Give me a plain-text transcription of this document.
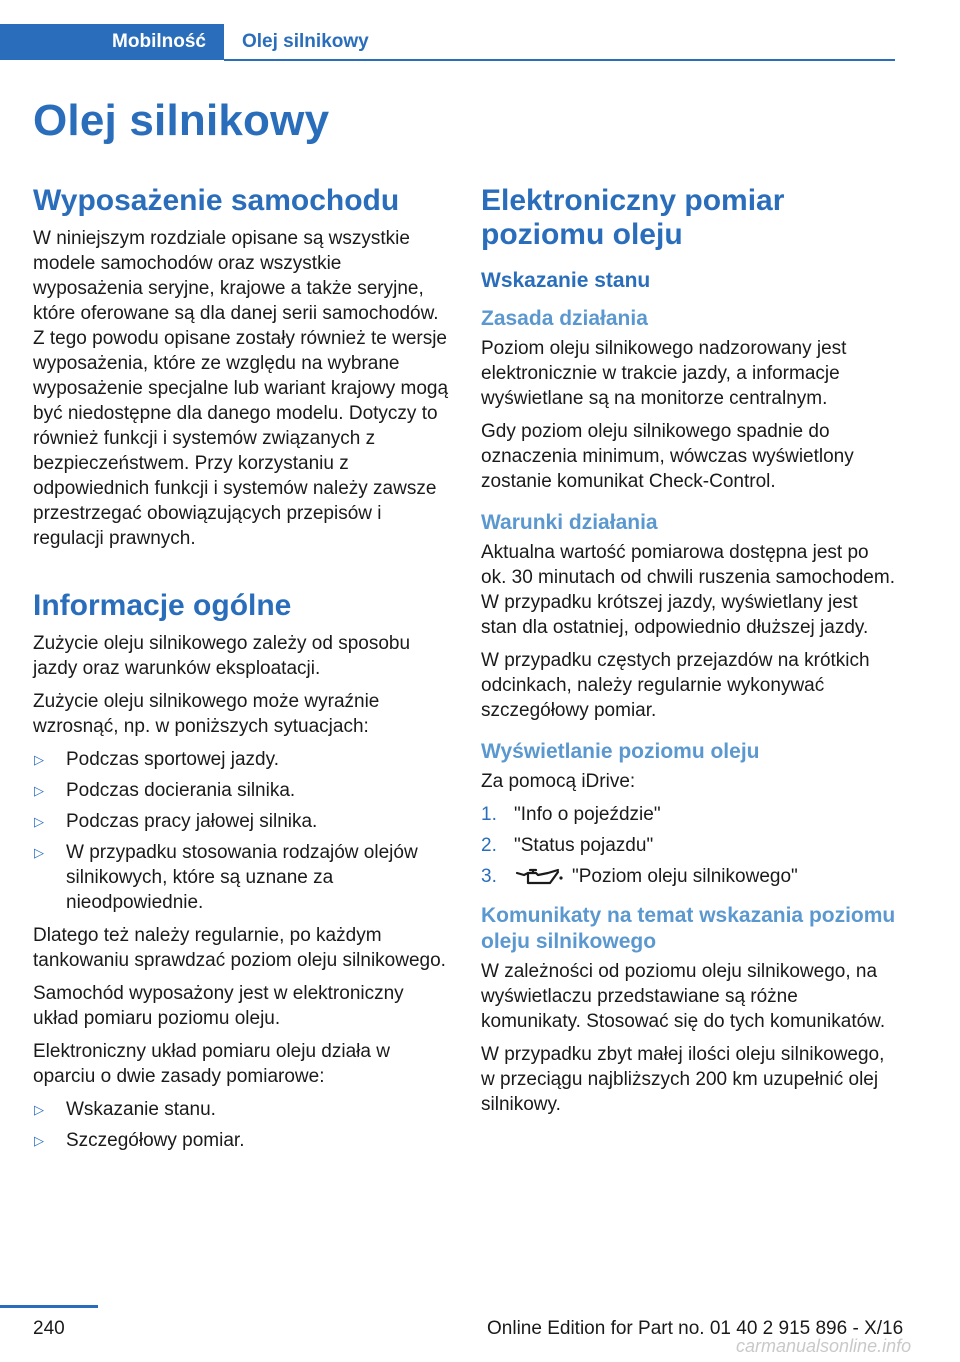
Mobilność Olej silnikowy
Olej silnikowy
Wyposażenie samochodu

W niniejszym rozdziale opisane są wszystkie modele samochodów oraz wszystkie wyposażenia seryjne, krajowe a także seryjne, które oferowane są dla danej serii samochodów. Z tego powodu opisane zostały również te wersje wyposażenia, które ze względu na wybrane wyposażenie specjalne lub wariant krajowy mogą być niedostępne dla danego modelu. Dotyczy to również funkcji i systemów związanych z bezpieczeństwem. Przy korzystaniu z odpowiednich funkcji i systemów należy zawsze przestrzegać obowiązujących przepisów i regulacji prawnych.

Informacje ogólne

Zużycie oleju silnikowego zależy od sposobu jazdy oraz warunków eksploatacji.

Zużycie oleju silnikowego może wyraźnie wzrosnąć, np. w poniższych sytuacjach:

▷ Podczas sportowej jazdy.
▷ Podczas docierania silnika.
▷ Podczas pracy jałowej silnika.
▷ W przypadku stosowania rodzajów olejów silnikowych, które są uznane za nieodpowiednie.

Dlatego też należy regularnie, po każdym tankowaniu sprawdzać poziom oleju silnikowego.

Samochód wyposażony jest w elektroniczny układ pomiaru poziomu oleju.

Elektroniczny układ pomiaru oleju działa w oparciu o dwie zasady pomiarowe:

▷ Wskazanie stanu.
▷ Szczegółowy pomiar.
Elektroniczny pomiar poziomu oleju
Wskazanie stanu
Zasada działania

Poziom oleju silnikowego nadzorowany jest elektronicznie w trakcie jazdy, a informacje wyświetlane są na monitorze centralnym.

Gdy poziom oleju silnikowego spadnie do oznaczenia minimum, wówczas wyświetlony zostanie komunikat Check-Control.

Warunki działania

Aktualna wartość pomiarowa dostępna jest po ok. 30 minutach od chwili ruszenia samochodem. W przypadku krótszej jazdy, wyświetlany jest stan dla ostatniej, odpowiednio dłuższej jazdy.

W przypadku częstych przejazdów na krótkich odcinkach, należy regularnie wykonywać szczegółowy pomiar.

Wyświetlanie poziomu oleju

Za pomocą iDrive:

1. "Info o pojeździe"
2. "Status pojazdu"
3.	"Poziom oleju silnikowego"
Komunikaty na temat wskazania poziomu oleju silnikowego

W zależności od poziomu oleju silnikowego, na wyświetlaczu przedstawiane są różne komunikaty. Stosować się do tych komunikatów.

W przypadku zbyt małej ilości oleju silnikowego, w przeciągu najbliższych 200 km uzupełnić olej silnikowy.

240	Online Edition for Part no. 01 40 2 915 896 - X/16
carmanualsonline.info
